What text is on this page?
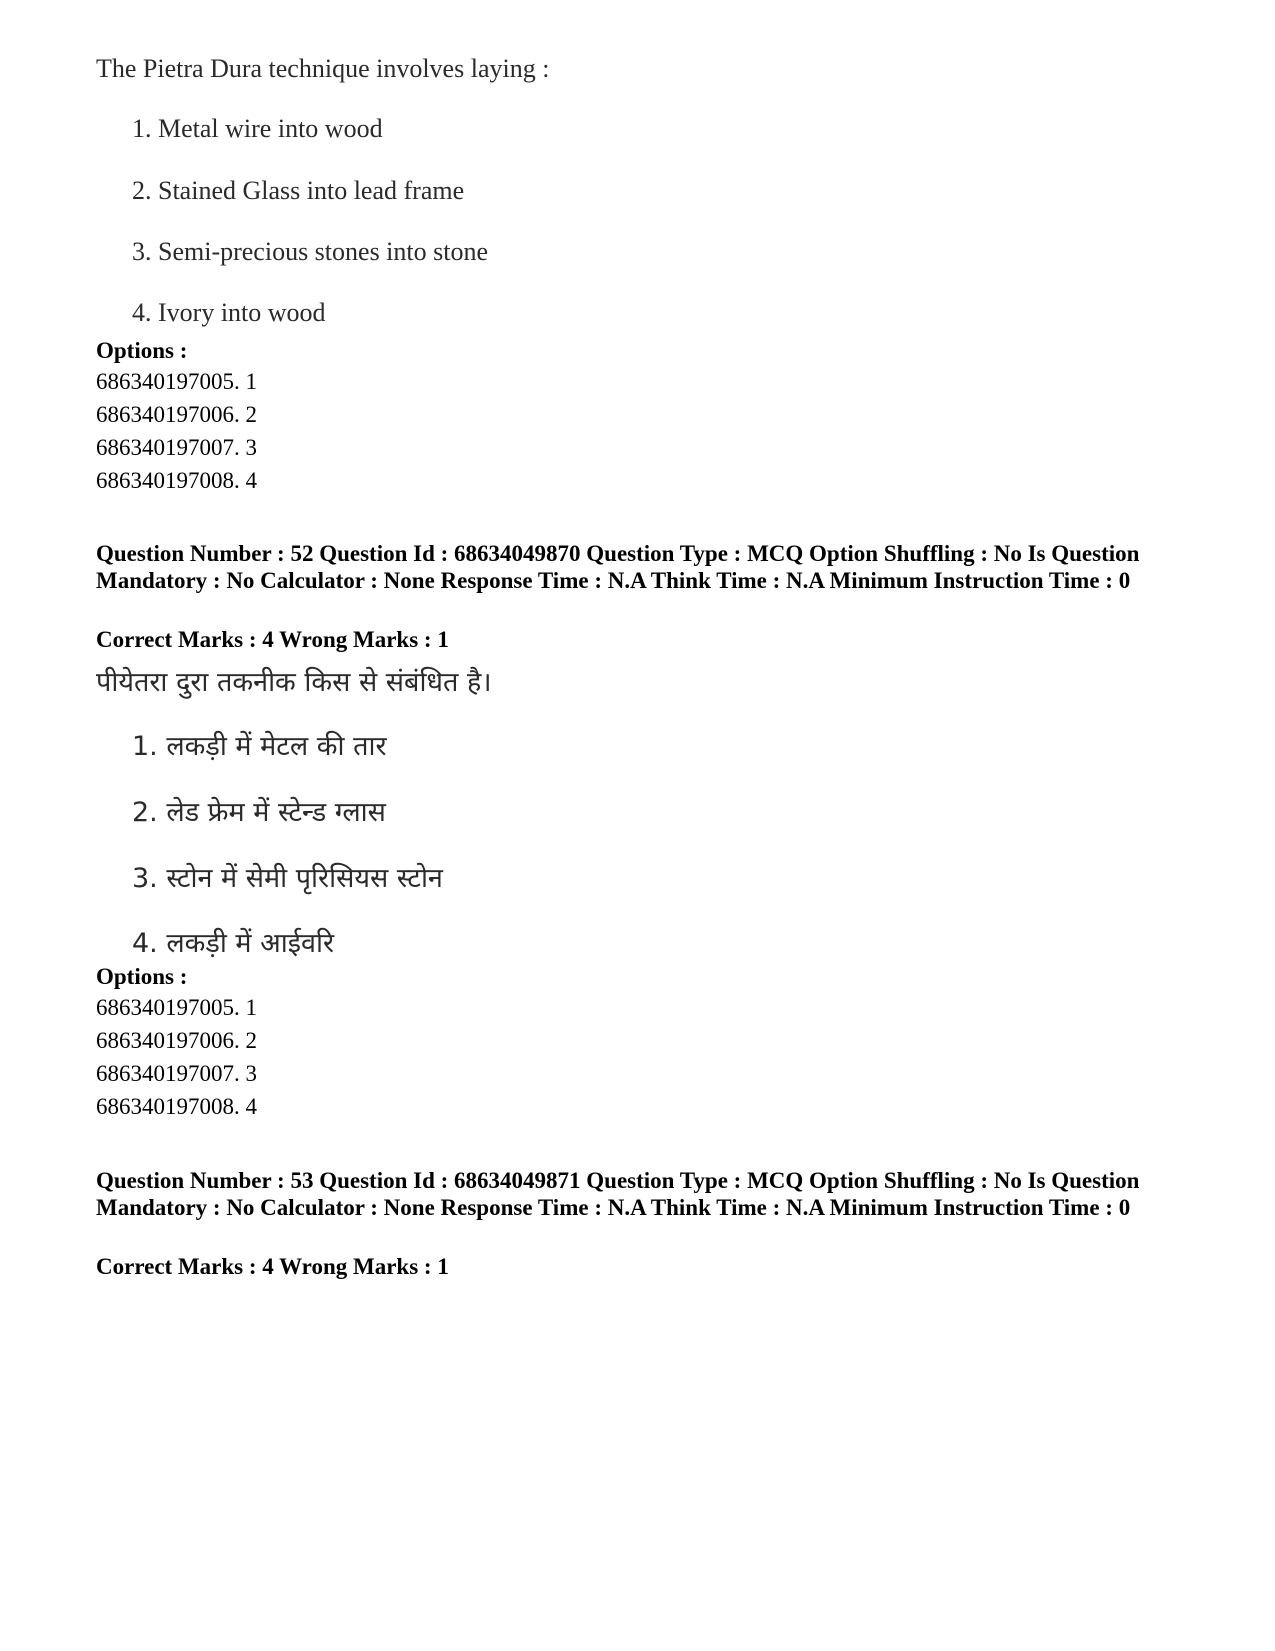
The Pietra Dura technique involves laying :
1. Metal wire into wood
2. Stained Glass into lead frame
3. Semi-precious stones into stone
4. Ivory into wood
Options :
686340197005. 1
686340197006. 2
686340197007. 3
686340197008. 4
Question Number : 52 Question Id : 68634049870 Question Type : MCQ Option Shuffling : No Is Question Mandatory : No Calculator : None Response Time : N.A Think Time : N.A Minimum Instruction Time : 0
Correct Marks : 4 Wrong Marks : 1
पीयेतरा दुरा तकनीक किस से संबंधित है।
1. लकड़ी में मेटल की तार
2. लेड फ्रेम में स्टेन्ड ग्लास
3. स्टोन में सेमी पृरिसियस स्टोन
4. लकड़ी में आईवरि
Options :
686340197005. 1
686340197006. 2
686340197007. 3
686340197008. 4
Question Number : 53 Question Id : 68634049871 Question Type : MCQ Option Shuffling : No Is Question Mandatory : No Calculator : None Response Time : N.A Think Time : N.A Minimum Instruction Time : 0
Correct Marks : 4 Wrong Marks : 1
